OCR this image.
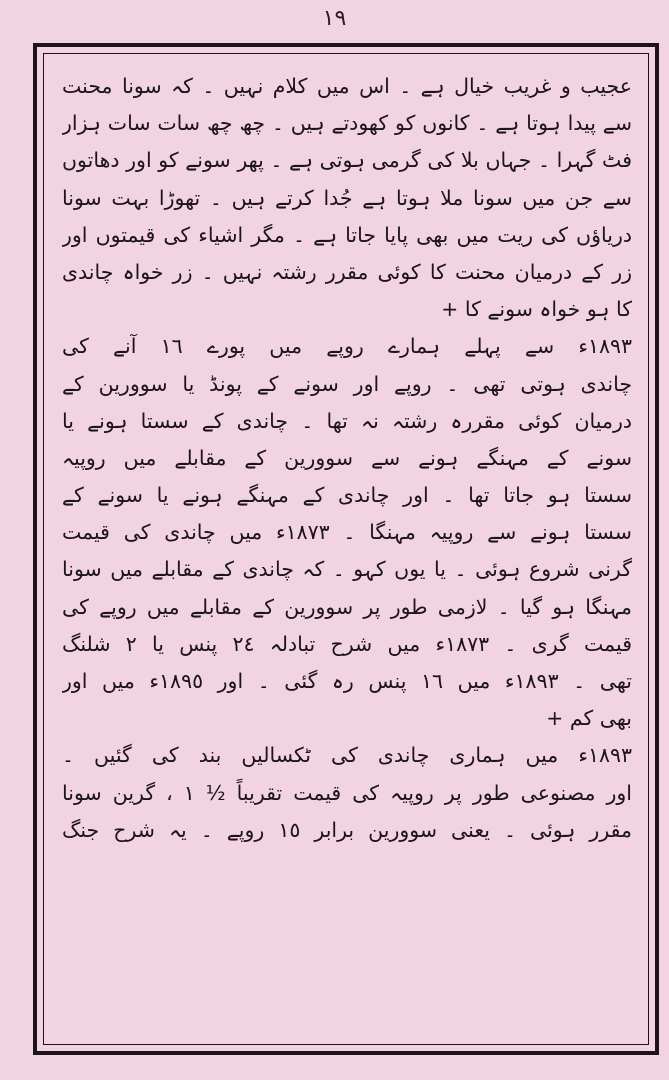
١٩
عجیب و غریب خیال ہے ۔ اس میں کلام نہیں ۔ کہ سونا محنت
سے پیدا ہوتا ہے ۔ کانوں کو کھودتے ہیں ۔ چھ چھ سات سات ہزار
فٹ گہرا ۔ جہاں بلا کی گرمی ہوتی ہے ۔ پھر سونے کو اور دھاتوں
سے جن میں سونا ملا ہوتا ہے جُدا کرتے ہیں ۔ تھوڑا بہت سونا
دریاؤں کی ریت میں بھی پایا جاتا ہے ۔ مگر اشیاء کی قیمتوں اور
زر کے درمیان محنت کا کوئی مقرر رشتہ نہیں ۔ زر خواہ چاندی
کا ہو خواہ سونے کا +
١٨٩٣ء سے پہلے ہمارے روپے میں پورے ١٦ آنے کی
چاندی ہوتی تھی ۔ روپے اور سونے کے پونڈ یا سوورین کے
درمیان کوئی مقررہ رشتہ نہ تھا ۔ چاندی کے سستا ہونے یا
سونے کے مہنگے ہونے سے سوورین کے مقابلے میں روپیہ
سستا ہو جاتا تھا ۔ اور چاندی کے مہنگے ہونے یا سونے کے
سستا ہونے سے روپیہ مہنگا ۔ ١٨٧٣ء میں چاندی کی قیمت
گرنی شروع ہوئی ۔ یا یوں کہو ۔ کہ چاندی کے مقابلے میں سونا
مہنگا ہو گیا ۔ لازمی طور پر سوورین کے مقابلے میں روپے کی
قیمت گری ۔ ١٨٧٣ء میں شرح تبادلہ ٢٤ پنس یا ٢ شلنگ
تھی ۔ ١٨٩٣ء میں ١٦ پنس رہ گئی ۔ اور ١٨٩٥ء میں اور
بھی کم +
١٨٩٣ء میں ہماری چاندی کی ٹکسالیں بند کی گئیں ۔
اور مصنوعی طور پر روپیہ کی قیمت تقریباً ½ ١ ، گرین سونا
مقرر ہوئی ۔ یعنی سوورین برابر ١٥ روپے ۔ یہ شرح جنگ
